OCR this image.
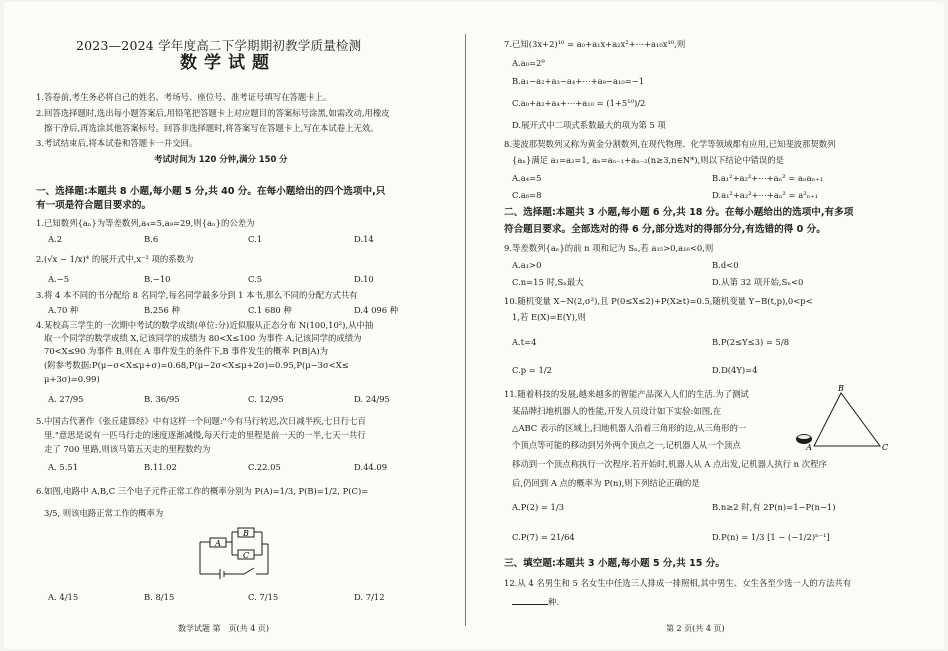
2023—2024 学年度高二下学期期初教学质量检测
数学试题
1.答卷前,考生务必将自己的姓名、考场号、座位号、准考证号填写在答题卡上。
2.回答选择题时,选出每小题答案后,用铅笔把答题卡上对应题目的答案标号涂黑,如需改动,用橡皮
擦干净后,再选涂其他答案标号。回答非选择题时,将答案写在答题卡上,写在本试卷上无效。
3.考试结束后,将本试卷和答题卡一并交回。
考试时间为 120 分钟,满分 150 分
一、选择题:本题共 8 小题,每小题 5 分,共 40 分。在每小题给出的四个选项中,只
有一项是符合题目要求的。
1.已知数列{aₙ}为等差数列,a₄=5,a₉=29,则{aₙ}的公差为
A.2	B.6	C.1	D.14
2.(√x − 1/x)⁴ 的展开式中,x⁻² 项的系数为
A.−5	B.−10	C.5	D.10
3.将 4 本不同的书分配给 8 名同学,每名同学最多分到 1 本书,那么不同的分配方式共有
A.70 种	B.256 种	C.1 680 种	D.4 096 种
4.某校高三学生的一次期中考试的数学成绩(单位:分)近似服从正态分布 N(100,10²),从中抽
取一个同学的数学成绩 X,记该同学的成绩为 80<X≤100 为事件 A,记该同学的成绩为
70<X≤90 为事件 B,则在 A 事件发生的条件下,B 事件发生的概率 P(B|A)为
(附参考数据:P(μ−σ<X≤μ+σ)=0.68,P(μ−2σ<X≤μ+2σ)=0.95,P(μ−3σ<X≤
μ+3σ)=0.99)
A. 27/95	B. 36/95	C. 12/95	D. 24/95
5.中国古代著作《张丘建算经》中有这样一个问题:"今有马行转迟,次日减半疾,七日行七百
里."意思是说有一匹马行走的速度逐渐减慢,每天行走的里程是前一天的一半,七天一共行
走了 700 里路,则该马第五天走的里程数约为
A. 5.51	B.11.02	C.22.05	D.44.09
6.如图,电路中 A,B,C 三个电子元件正常工作的概率分别为 P(A)=1/3, P(B)=1/2, P(C)=
3/5, 则该电路正常工作的概率为
A
B
C
A. 4/15	B. 8/15	C. 7/15	D. 7/12
数学试题 第　页(共 4 页)
7.已知(3x+2)¹⁰ = a₀+a₁x+a₂x²+⋯+a₁₀x¹⁰,则
A.a₀=2⁹
B.a₁−a₂+a₃−a₄+⋯+a₉−a₁₀=−1
C.a₀+a₂+a₄+⋯+a₁₀ = (1+5¹⁰)/2
D.展开式中二项式系数最大的项为第 5 项
8.斐波那契数列又称为黄金分割数列,在现代物理、化学等领域都有应用,已知斐波那契数列
{aₙ}满足 a₁=a₂=1, aₙ=aₙ₋₁+aₙ₋₂(n≥3,n∈N*),则以下结论中错误的是
A.a₄=5	B.a₁²+a₂²+⋯+aₙ² = aₙaₙ₊₁
C.a₆=8	D.a₁²+a₂²+⋯+aₙ² = a²ₙ₊₁
二、选择题:本题共 3 小题,每小题 6 分,共 18 分。在每小题给出的选项中,有多项
符合题目要求。全部选对的得 6 分,部分选对的得部分分,有选错的得 0 分。
9.等差数列{aₙ}的前 n 项和记为 Sₙ,若 a₁₅>0,a₁₆<0,则
A.a₁>0	B.d<0
C.n=15 时,Sₙ最大	D.从第 32 项开始,Sₙ<0
10.随机变量 X~N(2,σ²),且 P(0≤X≤2)+P(X≥t)=0.5,随机变量 Y~B(t,p),0<p<
1,若 E(X)=E(Y),则
A.t=4	B.P(2≤Y≤3) = 5/8
C.p = 1/2	D.D(4Y)=4
11.随着科技的发展,越来越多的智能产品深入人们的生活.为了测试
某品牌扫地机器人的性能,开发人员设计如下实验:如图,在
△ABC 表示的区域上,扫地机器人沿着三角形的边,从三角形的一
个顶点等可能的移动到另外两个顶点之一,记机器人从一个顶点
移动到一个顶点称执行一次程序.若开始时,机器人从 A 点出发,记机器人执行 n 次程序
后,仍回到 A 点的概率为 P(n),则下列结论正确的是
B
A	C
A.P(2) = 1/3	B.n≥2 时,有 2P(n)=1−P(n−1)
C.P(7) = 21/64	D.P(n) = 1/3 [1 − (−1/2)ⁿ⁻¹]
三、填空题:本题共 3 小题,每小题 5 分,共 15 分。
12.从 4 名男生和 5 名女生中任选三人排成一排照相,其中男生、女生各至少选一人的方法共有
种.
第 2 页(共 4 页)
